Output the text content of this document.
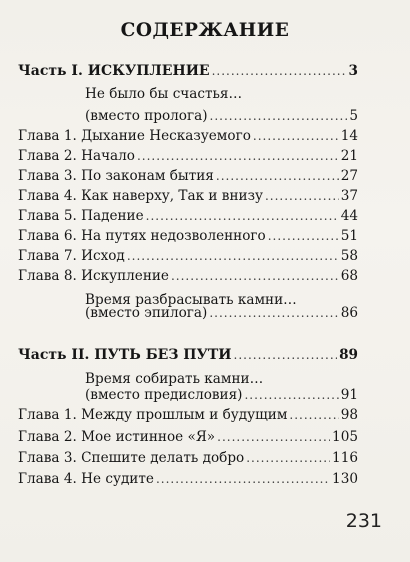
СОДЕРЖАНИЕ
Часть I. ИСКУПЛЕНИЕ .....	3
Не было бы счастья…
(вместо пролога) .....	5
Глава 1. Дыхание Несказуемого .....	14
Глава 2. Начало .....	21
Глава 3. По законам бытия .....	27
Глава 4. Как наверху, Так и внизу .....	37
Глава 5. Падение .....	44
Глава 6. На путях недозволенного .....	51
Глава 7. Исход .....	58
Глава 8. Искупление .....	68
Время разбрасывать камни…
(вместо эпилога) .....	86
Часть II. ПУТЬ БЕЗ ПУТИ .....	89
Время собирать камни…
(вместо предисловия) .....	91
Глава 1. Между прошлым и будущим .....	98
Глава 2. Мое истинное «Я» .....	105
Глава 3. Спешите делать добро .....	116
Глава 4. Не судите .....	130
231
